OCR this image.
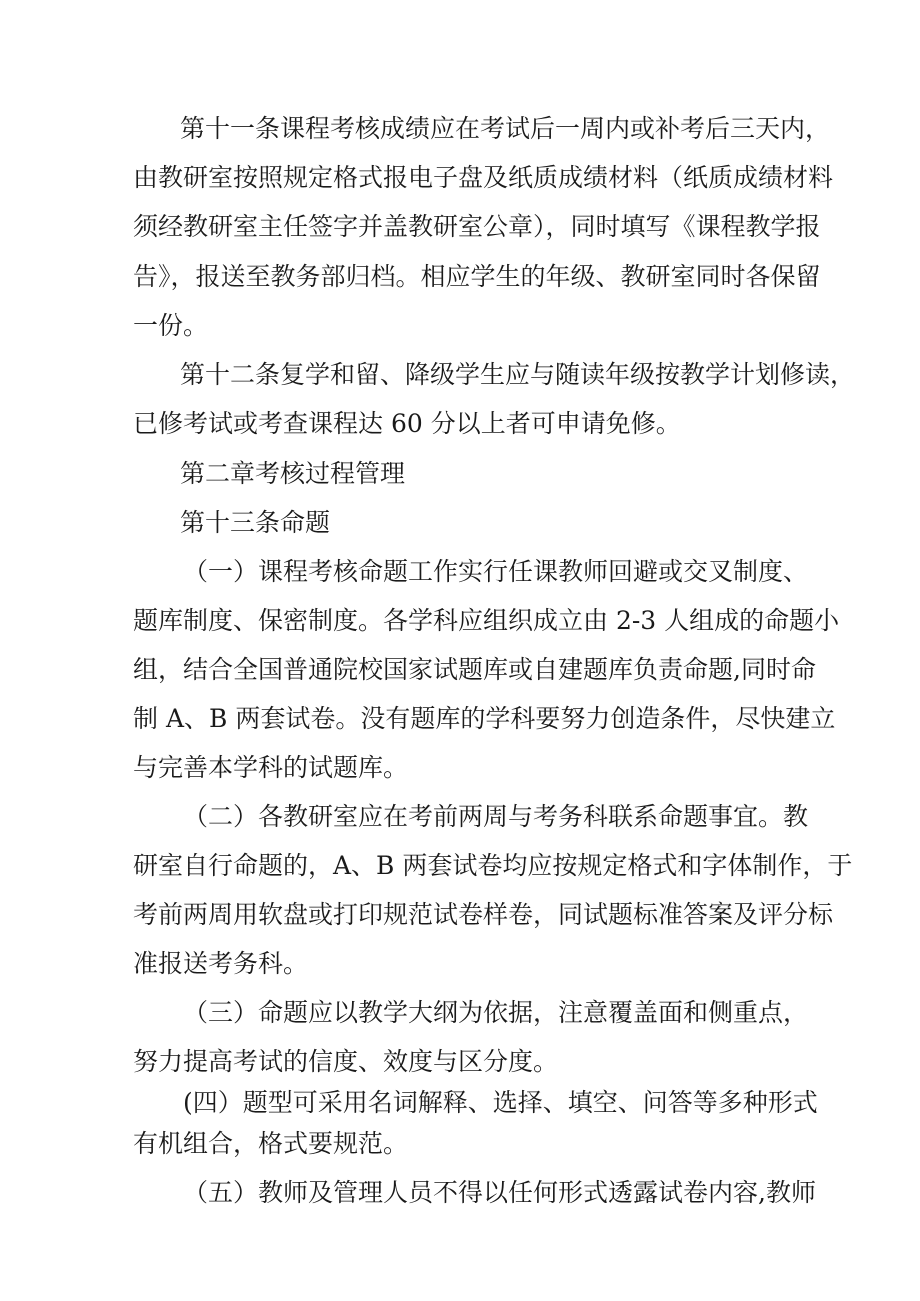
第十一条课程考核成绩应在考试后一周内或补考后三天内，
由教研室按照规定格式报电子盘及纸质成绩材料（纸质成绩材料
须经教研室主任签字并盖教研室公章），同时填写《课程教学报
告》，报送至教务部归档。相应学生的年级、教研室同时各保留
一份。
第十二条复学和留、降级学生应与随读年级按教学计划修读，
已修考试或考查课程达 60 分以上者可申请免修。
第二章考核过程管理
第十三条命题
（一）课程考核命题工作实行任课教师回避或交叉制度、
题库制度、保密制度。各学科应组织成立由 2-3 人组成的命题小
组，结合全国普通院校国家试题库或自建题库负责命题,同时命
制 A、B 两套试卷。没有题库的学科要努力创造条件，尽快建立
与完善本学科的试题库。
（二）各教研室应在考前两周与考务科联系命题事宜。教
研室自行命题的，A、B 两套试卷均应按规定格式和字体制作，于
考前两周用软盘或打印规范试卷样卷，同试题标准答案及评分标
准报送考务科。
（三）命题应以教学大纲为依据，注意覆盖面和侧重点，
努力提高考试的信度、效度与区分度。
(四）题型可采用名词解释、选择、填空、问答等多种形式
有机组合，格式要规范。
（五）教师及管理人员不得以任何形式透露试卷内容,教师
